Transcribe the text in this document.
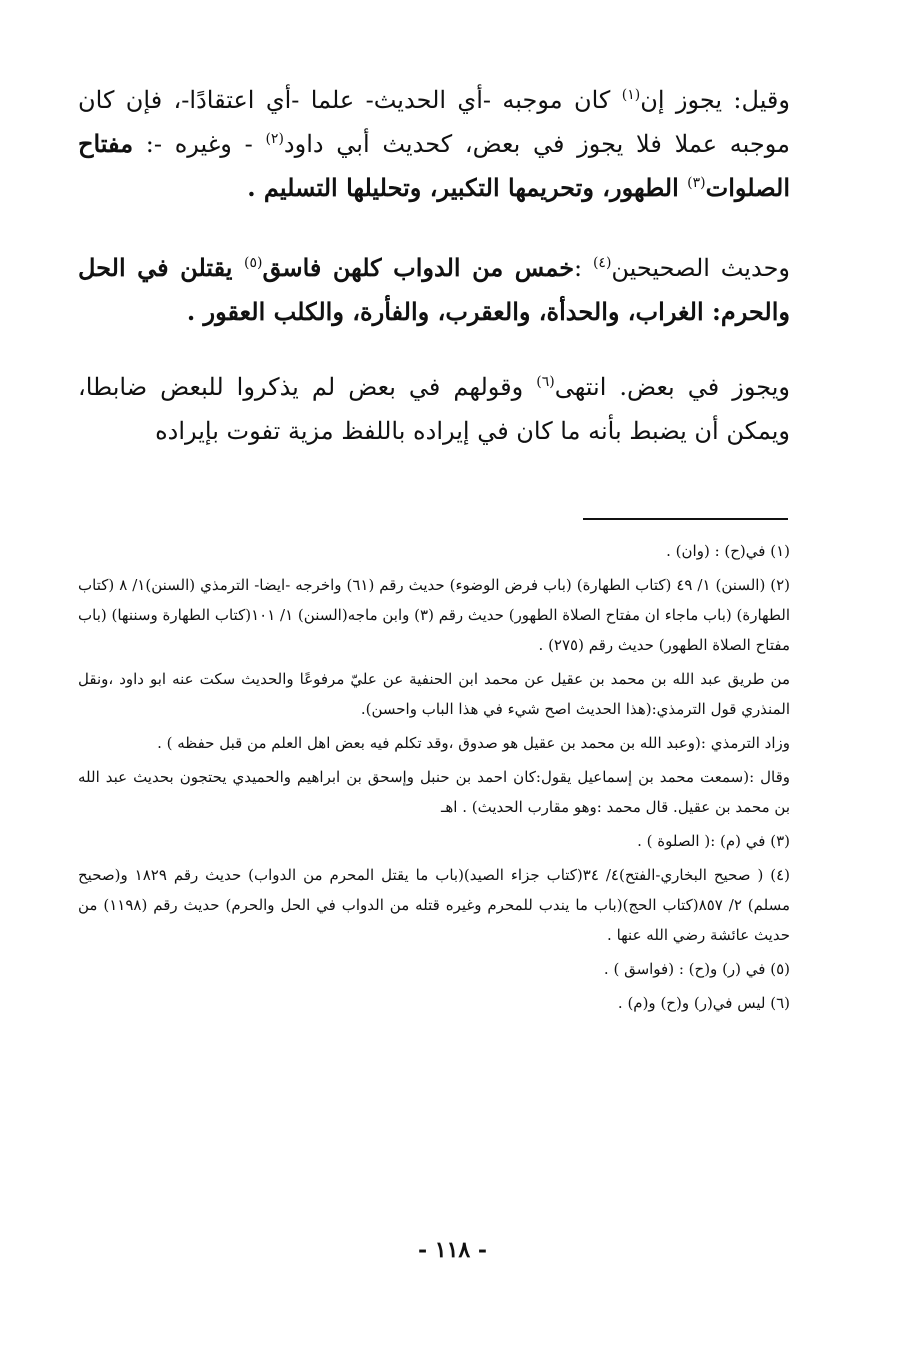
وقيل: يجوز إن$^{(١)}$ كان موجبه -أي الحديث- علما -أي اعتقادًا-، فإن كان موجبه عملا فلا يجوز في بعض، كحديث أبي داود$^{(٢)}$ - وغيره -: مفتاح الصلوات$^{(٣)}$ الطهور، وتحريمها التكبير، وتحليلها التسليم .

وحديث الصحيحين$^{(٤)}$ :خمس من الدواب كلهن فاسق$^{(٥)}$ يقتلن في الحل والحرم: الغراب، والحدأة، والعقرب، والفأرة، والكلب العقور .

ويجوز في بعض. انتهى$^{(٦)}$ وقولهم في بعض لم يذكروا للبعض ضابطا، ويمكن أن يضبط بأنه ما كان في إيراده باللفظ مزية تفوت بإيراده

(١) في(ح) : (وان) .

(٢) (السنن) ١/ ٤٩ (كتاب الطهارة) (باب فرض الوضوء) حديث رقم (٦١) واخرجه -ايضا- الترمذي (السنن)١/ ٨ (كتاب الطهارة) (باب ماجاء ان مفتاح الصلاة الطهور) حديث رقم (٣) وابن ماجه(السنن) ١/ ١٠١(كتاب الطهارة وسننها) (باب مفتاح الصلاة الطهور) حديث رقم (٢٧٥) .

من طريق عبد الله بن محمد بن عقيل عن محمد ابن الحنفية عن عليّ مرفوعًا والحديث سكت عنه ابو داود ،ونقل المنذري قول الترمذي:(هذا الحديث اصح شيء في هذا الباب واحسن).

وزاد الترمذي :(وعبد الله بن محمد بن عقيل هو صدوق ،وقد تكلم فيه بعض اهل العلم من قبل حفظه ) .

وقال :(سمعت محمد بن إسماعيل يقول:كان احمد بن حنبل وإسحق بن ابراهيم والحميدي يحتجون بحديث عبد الله بن محمد بن عقيل. قال محمد :وهو مقارب الحديث) . اهـ

(٣) في (م) :( الصلوة ) .

(٤) ( صحيح البخاري-الفتح)٤/ ٣٤(كتاب جزاء الصيد)(باب ما يقتل المحرم من الدواب) حديث رقم ١٨٢٩ و(صحيح مسلم) ٢/ ٨٥٧(كتاب الحج)(باب ما يندب للمحرم وغيره قتله من الدواب في الحل والحرم) حديث رقم (١١٩٨) من حديث عائشة رضي الله عنها .

(٥) في (ر) و(ح) : (فواسق ) .

(٦) ليس في(ر) و(ح) و(م) .

- ١١٨ -
